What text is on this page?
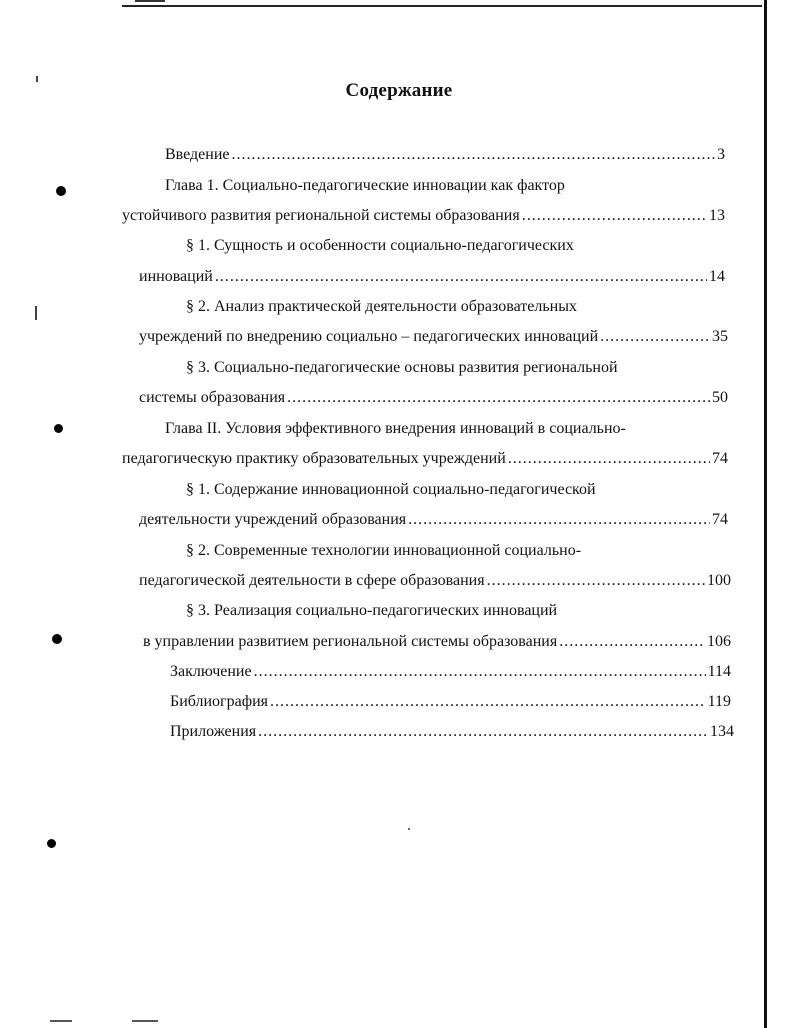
Содержание
Введение .....	3
Глава 1. Социально-педагогические инновации как фактор
устойчивого развития региональной системы образования .....	13
§ 1. Сущность и особенности социально-педагогических
инноваций .....	14
§ 2. Анализ практической деятельности образовательных
учреждений по внедрению социально – педагогических инноваций .....	35
§ 3. Социально-педагогические основы развития региональной
системы образования .....	50
Глава II. Условия эффективного внедрения инноваций в социально-
педагогическую практику образовательных учреждений .....	74
§ 1. Содержание инновационной социально-педагогической
деятельности учреждений образования .....	74
§ 2. Современные технологии инновационной социально-
педагогической деятельности в сфере образования .....	100
§ 3. Реализация социально-педагогических инноваций
в управлении развитием региональной системы образования .....	106
Заключение .....	114
Библиография .....	119
Приложения .....	134
